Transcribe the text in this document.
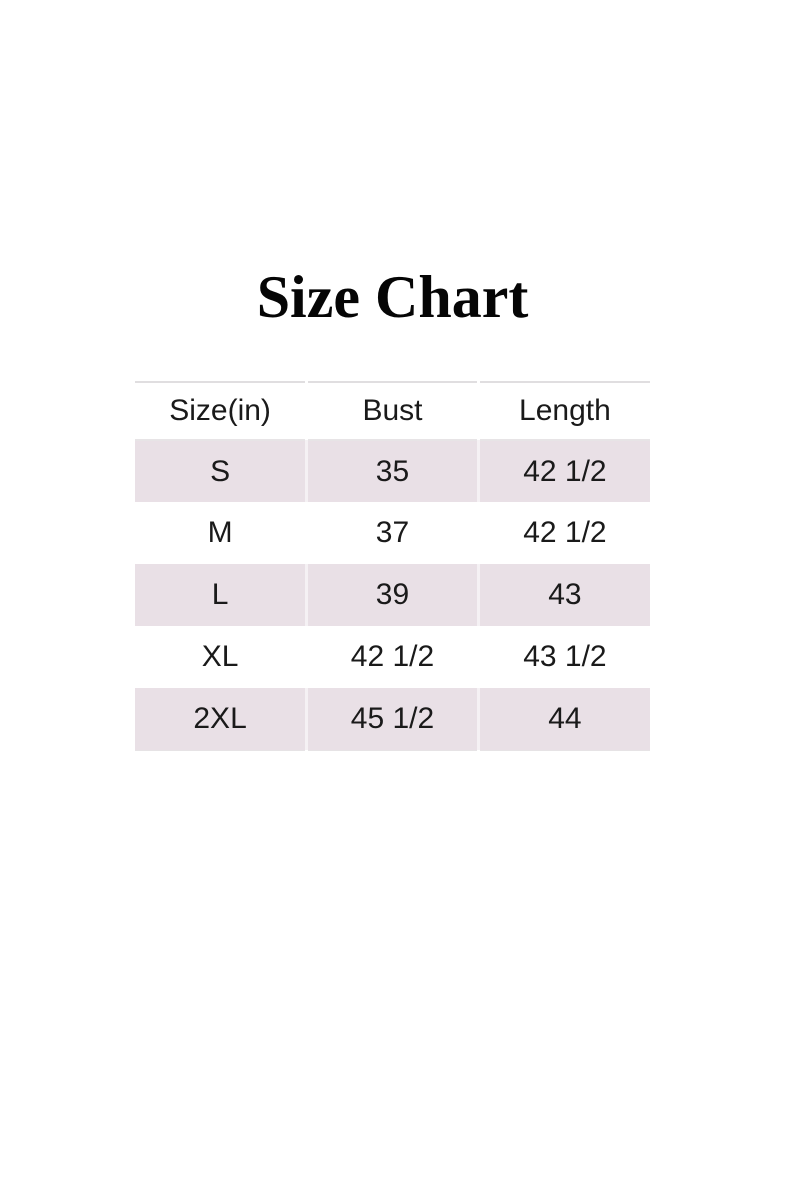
Size Chart
Size(in)	Bust	Length
S	35	42 1/2
M	37	42 1/2
L	39	43
XL	42 1/2	43 1/2
2XL	45 1/2	44
